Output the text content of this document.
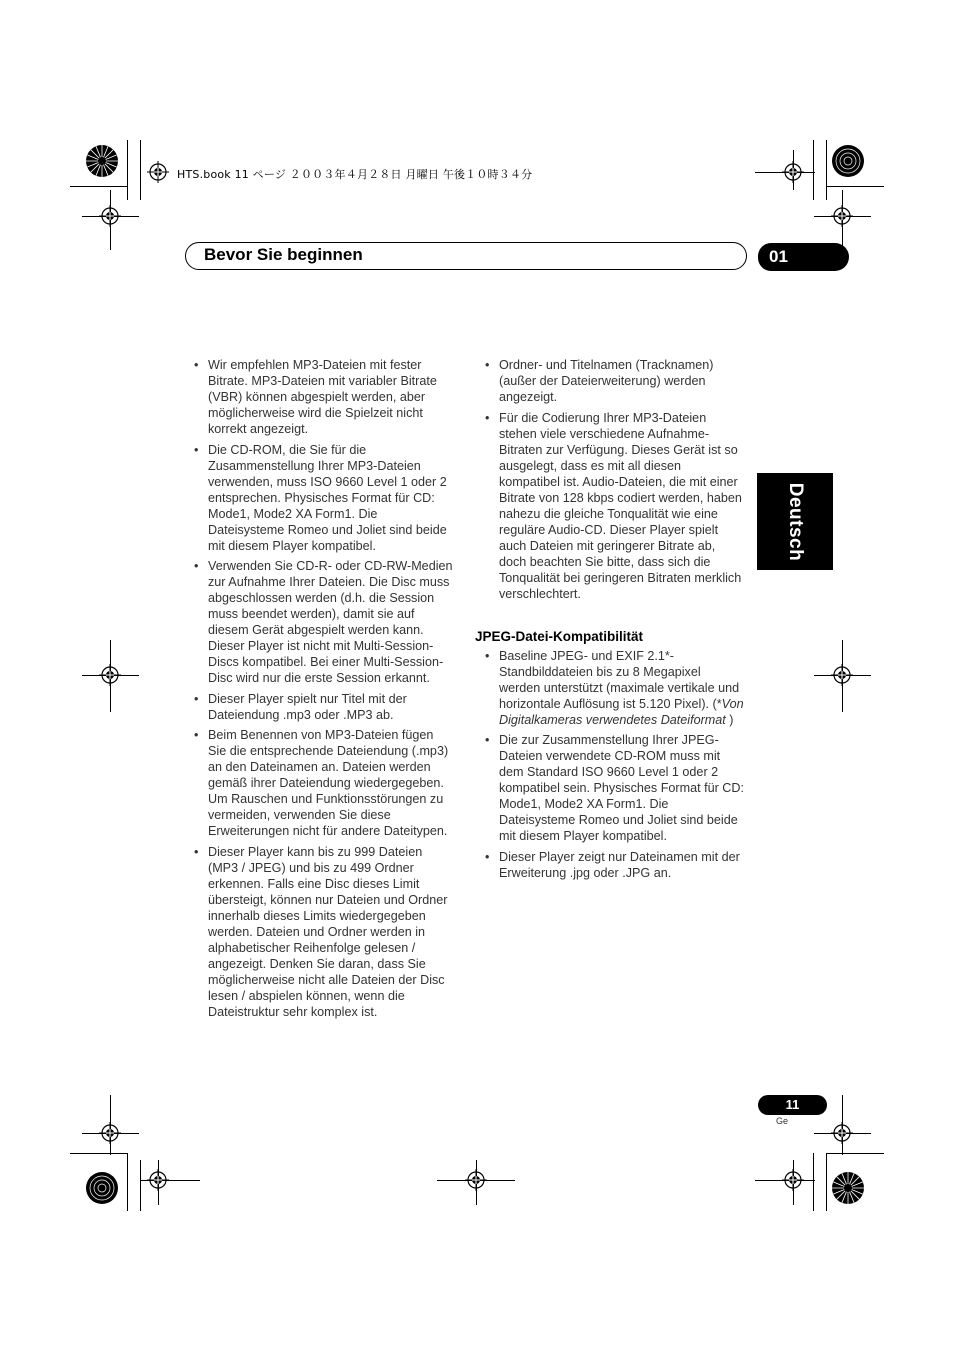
HTS.book 11 ページ ２００３年４月２８日 月曜日 午後１０時３４分
Bevor Sie beginnen	01
Deutsch
• Wir empfehlen MP3-Dateien mit fester Bitrate. MP3-Dateien mit variabler Bitrate (VBR) können abgespielt werden, aber möglicherweise wird die Spielzeit nicht korrekt angezeigt.
• Die CD-ROM, die Sie für die Zusammenstellung Ihrer MP3-Dateien verwenden, muss ISO 9660 Level 1 oder 2 entsprechen. Physisches Format für CD: Mode1, Mode2 XA Form1. Die Dateisysteme Romeo und Joliet sind beide mit diesem Player kompatibel.
• Verwenden Sie CD-R- oder CD-RW-Medien zur Aufnahme Ihrer Dateien. Die Disc muss abgeschlossen werden (d.h. die Session muss beendet werden), damit sie auf diesem Gerät abgespielt werden kann. Dieser Player ist nicht mit Multi-Session-Discs kompatibel. Bei einer Multi-Session-Disc wird nur die erste Session erkannt.
• Dieser Player spielt nur Titel mit der Dateiendung .mp3 oder .MP3 ab.
• Beim Benennen von MP3-Dateien fügen Sie die entsprechende Dateiendung (.mp3) an den Dateinamen an. Dateien werden gemäß ihrer Dateiendung wiedergegeben. Um Rauschen und Funktionsstörungen zu vermeiden, verwenden Sie diese Erweiterungen nicht für andere Dateitypen.
• Dieser Player kann bis zu 999 Dateien (MP3 / JPEG) und bis zu 499 Ordner erkennen. Falls eine Disc dieses Limit übersteigt, können nur Dateien und Ordner innerhalb dieses Limits wiedergegeben werden. Dateien und Ordner werden in alphabetischer Reihenfolge gelesen / angezeigt. Denken Sie daran, dass Sie möglicherweise nicht alle Dateien der Disc lesen / abspielen können, wenn die Dateistruktur sehr komplex ist.
• Ordner- und Titelnamen (Tracknamen) (außer der Dateierweiterung) werden angezeigt.
• Für die Codierung Ihrer MP3-Dateien stehen viele verschiedene Aufnahme-Bitraten zur Verfügung. Dieses Gerät ist so ausgelegt, dass es mit all diesen kompatibel ist. Audio-Dateien, die mit einer Bitrate von 128 kbps codiert werden, haben nahezu die gleiche Tonqualität wie eine reguläre Audio-CD. Dieser Player spielt auch Dateien mit geringerer Bitrate ab, doch beachten Sie bitte, dass sich die Tonqualität bei geringeren Bitraten merklich verschlechtert.
JPEG-Datei-Kompatibilität
• Baseline JPEG- und EXIF 2.1*-Standbilddateien bis zu 8 Megapixel werden unterstützt (maximale vertikale und horizontale Auflösung ist 5.120 Pixel). (*Von Digitalkameras verwendetes Dateiformat )
• Die zur Zusammenstellung Ihrer JPEG-Dateien verwendete CD-ROM muss mit dem Standard ISO 9660 Level 1 oder 2 kompatibel sein. Physisches Format für CD: Mode1, Mode2 XA Form1. Die Dateisysteme Romeo und Joliet sind beide mit diesem Player kompatibel.
• Dieser Player zeigt nur Dateinamen mit der Erweiterung .jpg oder .JPG an.
11
Ge
